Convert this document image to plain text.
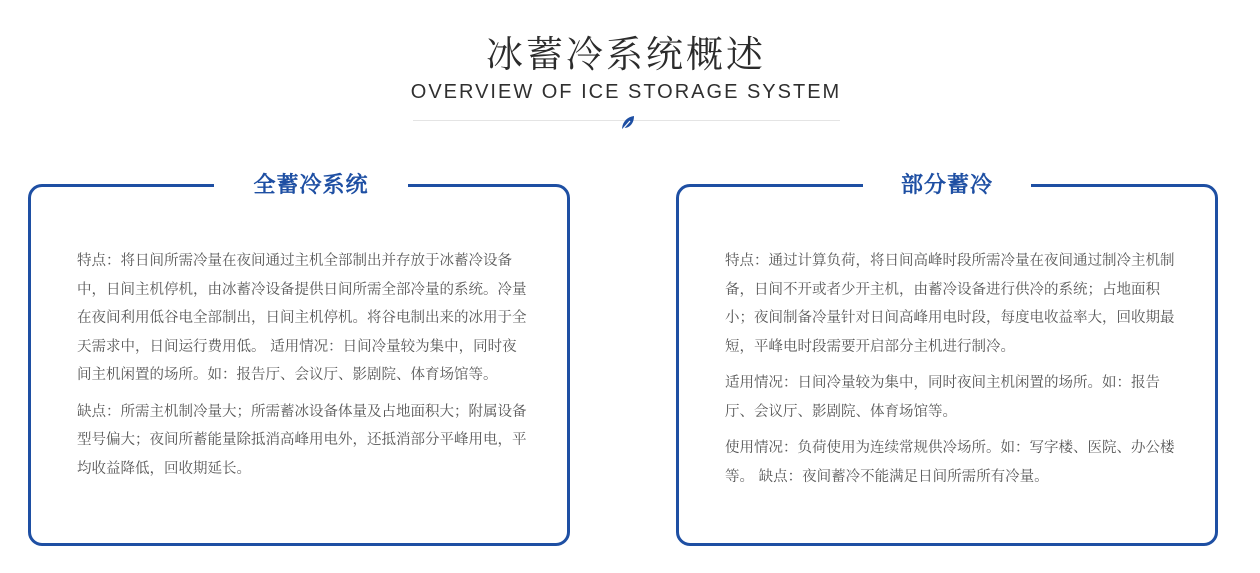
冰蓄冷系统概述
OVERVIEW OF ICE STORAGE SYSTEM
全蓄冷系统

特点：将日间所需冷量在夜间通过主机全部制出并存放于冰蓄冷设备中，日间主机停机，由冰蓄冷设备提供日间所需全部冷量的系统。冷量在夜间利用低谷电全部制出，日间主机停机。将谷电制出来的冰用于全天需求中，日间运行费用低。 适用情况：日间冷量较为集中，同时夜间主机闲置的场所。如：报告厅、会议厅、影剧院、体育场馆等。

缺点：所需主机制冷量大；所需蓄冰设备体量及占地面积大；附属设备型号偏大；夜间所蓄能量除抵消高峰用电外，还抵消部分平峰用电，平均收益降低，回收期延长。

部分蓄冷

特点：通过计算负荷，将日间高峰时段所需冷量在夜间通过制冷主机制备，日间不开或者少开主机，由蓄冷设备进行供冷的系统；占地面积小；夜间制备冷量针对日间高峰用电时段，每度电收益率大，回收期最短，平峰电时段需要开启部分主机进行制冷。

适用情况：日间冷量较为集中，同时夜间主机闲置的场所。如：报告厅、会议厅、影剧院、体育场馆等。

使用情况：负荷使用为连续常规供冷场所。如：写字楼、医院、办公楼等。 缺点：夜间蓄冷不能满足日间所需所有冷量。
